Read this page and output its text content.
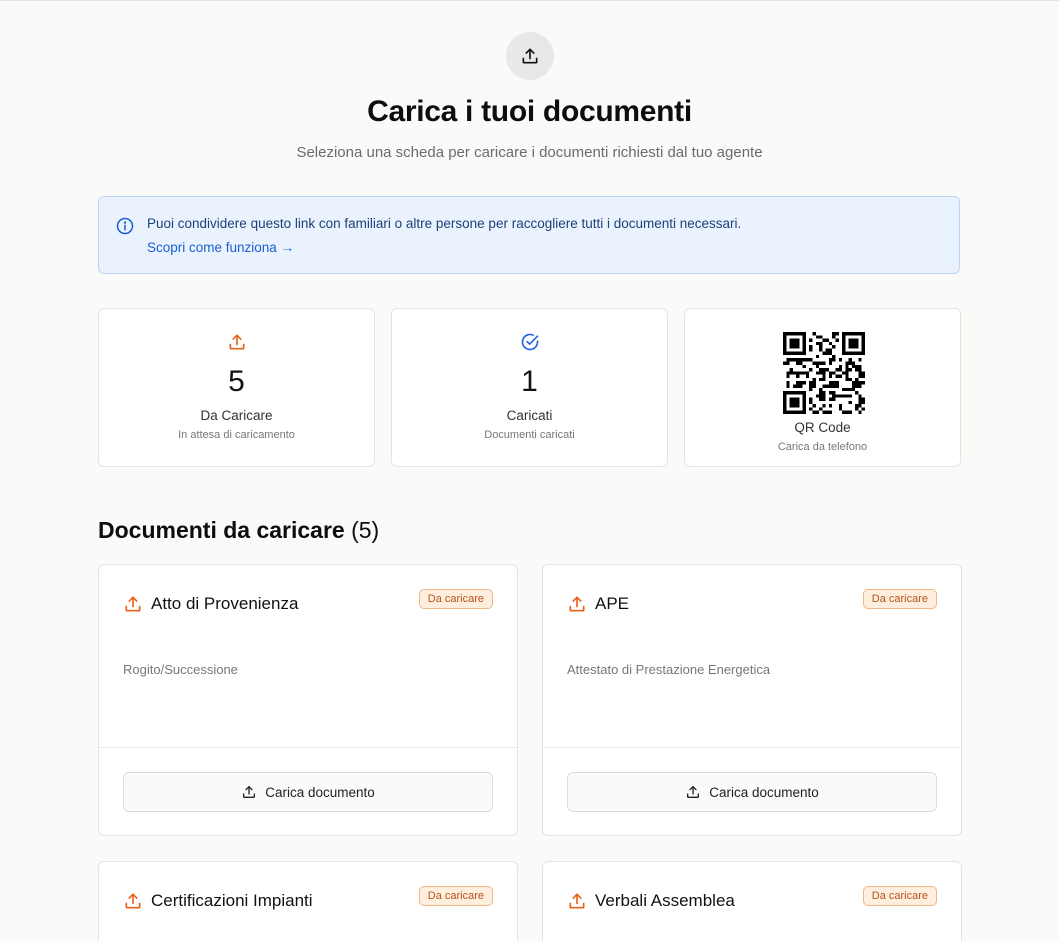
Carica i tuoi documenti
Seleziona una scheda per caricare i documenti richiesti dal tuo agente
Puoi condividere questo link con familiari o altre persone per raccogliere tutti i documenti necessari.
Scopri come funziona →
5
Da Caricare
In attesa di caricamento
1
Caricati
Documenti caricati	QR Code
Carica da telefono
Documenti da caricare (5)
Atto di Provenienza	Da caricare
Rogito/Successione
Carica documento
APE	Da caricare
Attestato di Prestazione Energetica
Carica documento
Certificazioni Impianti	Da caricare	Verbali Assemblea	Da caricare
